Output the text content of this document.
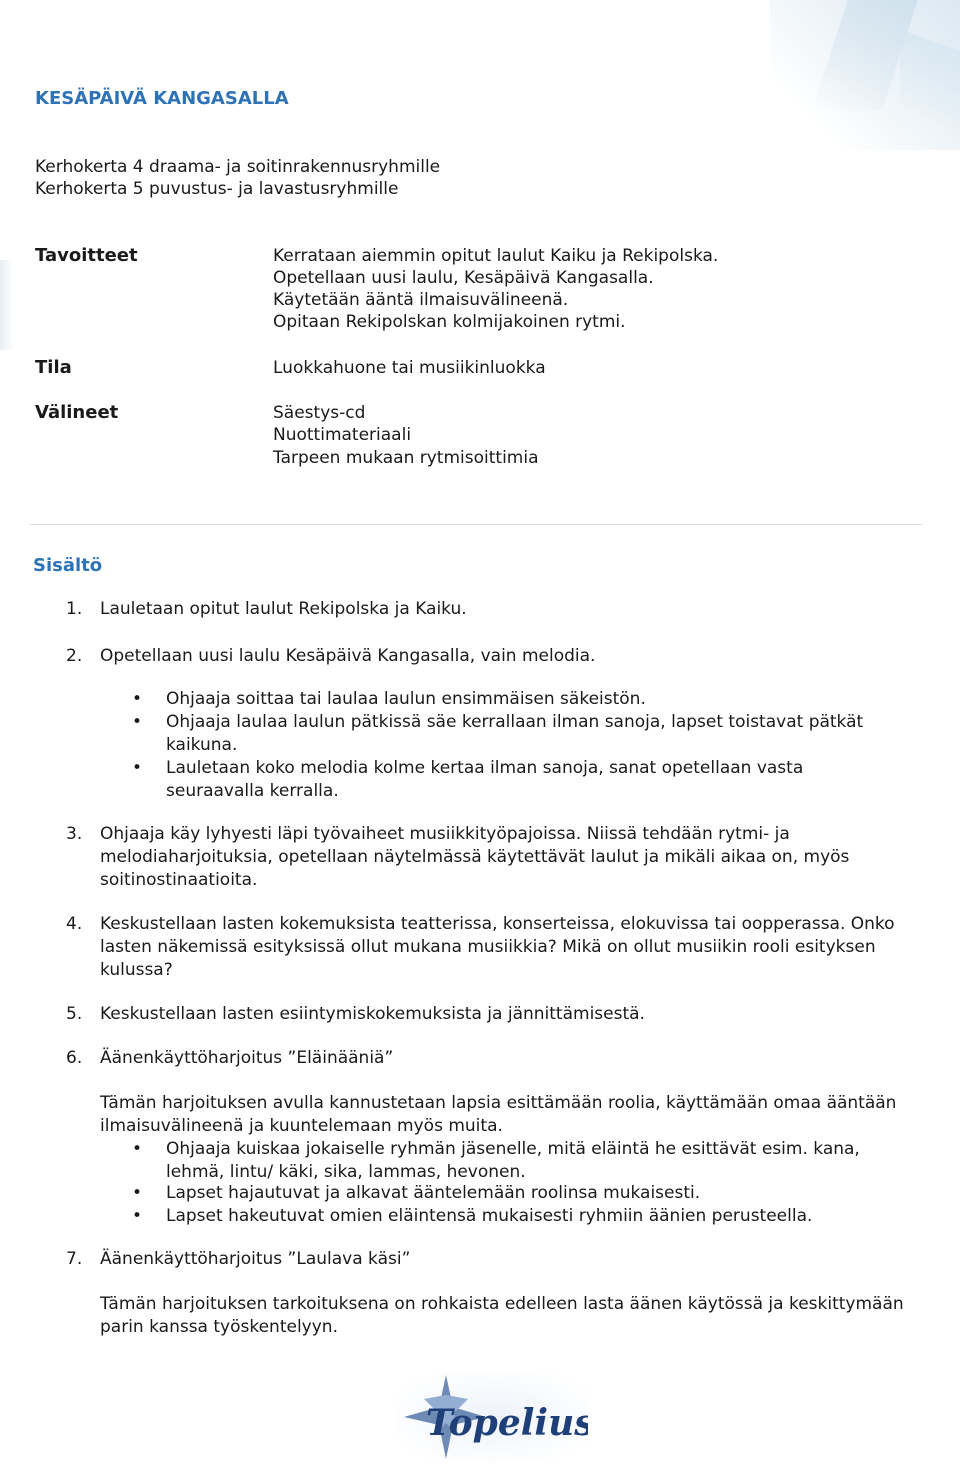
KESÄPÄIVÄ KANGASALLA
Kerhokerta 4 draama- ja soitinrakennusryhmille
Kerhokerta 5 puvustus- ja lavastusryhmille
Tavoitteet	Kerrataan aiemmin opitut laulut Kaiku ja Rekipolska.
Opetellaan uusi laulu, Kesäpäivä Kangasalla.
Käytetään ääntä ilmaisuvälineenä.
Opitaan Rekipolskan kolmijakoinen rytmi.
Tila	Luokkahuone tai musiikinluokka
Välineet	Säestys-cd
Nuottimateriaali
Tarpeen mukaan rytmisoittimia
Sisältö
1. Lauletaan opitut laulut Rekipolska ja Kaiku.
2. Opetellaan uusi laulu Kesäpäivä Kangasalla, vain melodia.
• Ohjaaja soittaa tai laulaa laulun ensimmäisen säkeistön.
• Ohjaaja laulaa laulun pätkissä säe kerrallaan ilman sanoja, lapset toistavat pätkät kaikuna.
• Lauletaan koko melodia kolme kertaa ilman sanoja, sanat opetellaan vasta seuraavalla kerralla.
3. Ohjaaja käy lyhyesti läpi työvaiheet musiikkityöpajoissa. Niissä tehdään rytmi- ja melodiaharjoituksia, opetellaan näytelmässä käytettävät laulut ja mikäli aikaa on, myös soitinostinaatioita.
4. Keskustellaan lasten kokemuksista teatterissa, konserteissa, elokuvissa tai oopperassa. Onko lasten näkemissä esityksissä ollut mukana musiikkia? Mikä on ollut musiikin rooli esityksen kulussa?
5. Keskustellaan lasten esiintymiskokemuksista ja jännittämisestä.
6. Äänenkäyttöharjoitus ”Eläinääniä”
Tämän harjoituksen avulla kannustetaan lapsia esittämään roolia, käyttämään omaa ääntään ilmaisuvälineenä ja kuuntelemaan myös muita.
• Ohjaaja kuiskaa jokaiselle ryhmän jäsenelle, mitä eläintä he esittävät esim. kana, lehmä, lintu/ käki, sika, lammas, hevonen.
• Lapset hajautuvat ja alkavat ääntelemään roolinsa mukaisesti.
• Lapset hakeutuvat omien eläintensä mukaisesti ryhmiin äänien perusteella.
7. Äänenkäyttöharjoitus ”Laulava käsi”
Tämän harjoituksen tarkoituksena on rohkaista edelleen lasta äänen käytössä ja keskittymään parin kanssa työskentelyyn.
Topelius
